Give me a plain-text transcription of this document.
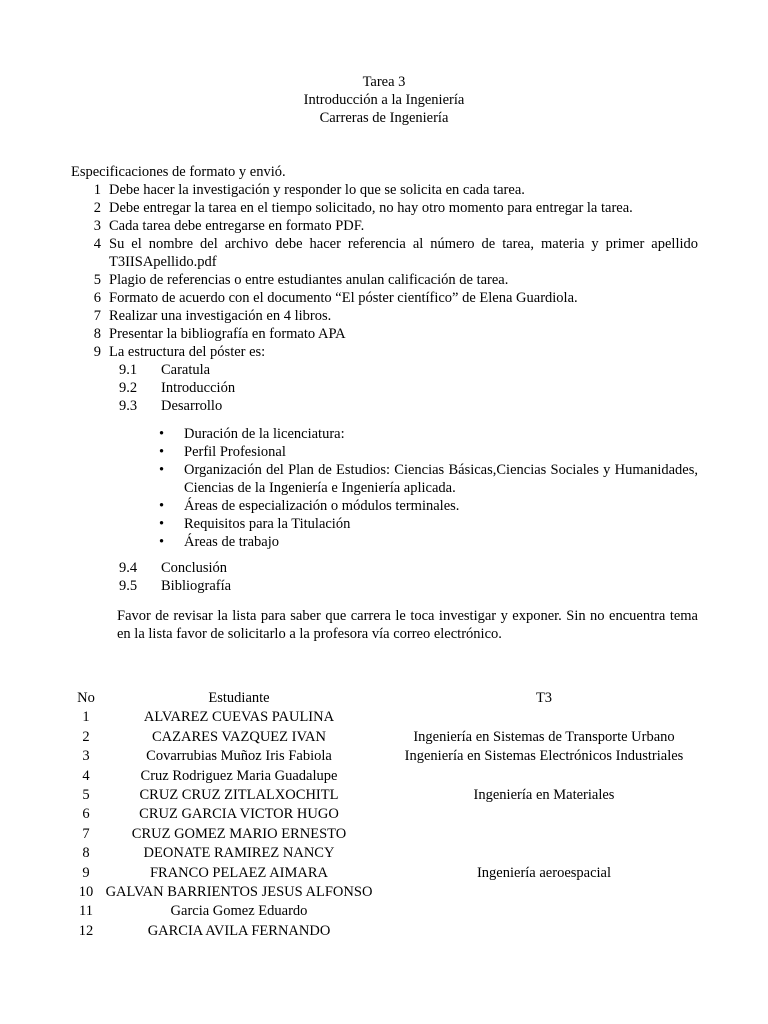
Tarea 3
Introducción a la Ingeniería
Carreras de Ingeniería
Especificaciones de formato y envió.
1 Debe hacer la investigación y responder lo que se solicita en cada tarea.
2 Debe entregar la tarea en el tiempo solicitado, no hay otro momento para entregar la tarea.
3 Cada tarea debe entregarse en formato PDF.
4 Su el nombre del archivo debe hacer referencia al número de tarea, materia y primer apellido T3IISApellido.pdf
5 Plagio de referencias o entre estudiantes anulan calificación de tarea.
6 Formato de acuerdo con el documento “El póster científico” de Elena Guardiola.
7 Realizar una investigación en 4 libros.
8 Presentar la bibliografía en formato APA
9 La estructura del póster es:
9.1	Caratula
9.2	Introducción
9.3	Desarrollo
•	Duración de la licenciatura:
•	Perfil Profesional
•	Organización del Plan de Estudios: Ciencias Básicas,Ciencias Sociales y Humanidades, Ciencias de la Ingeniería e Ingeniería aplicada.
•	Áreas de especialización o módulos terminales.
•	Requisitos para la Titulación
•	Áreas de trabajo
9.4	Conclusión
9.5	Bibliografía
Favor de revisar la lista para saber que carrera le toca investigar y exponer. Sin no encuentra tema en la lista favor de solicitarlo a la profesora vía correo electrónico.
No	Estudiante	T3
1	ALVAREZ CUEVAS PAULINA
2	CAZARES VAZQUEZ IVAN	Ingeniería en Sistemas de Transporte Urbano
3	Covarrubias Muñoz Iris Fabiola	Ingeniería en Sistemas Electrónicos Industriales
4	Cruz Rodriguez Maria Guadalupe
5	CRUZ CRUZ ZITLALXOCHITL	Ingeniería en Materiales
6	CRUZ GARCIA VICTOR HUGO
7	CRUZ GOMEZ MARIO ERNESTO
8	DEONATE RAMIREZ NANCY
9	FRANCO PELAEZ AIMARA	Ingeniería aeroespacial
10 GALVAN BARRIENTOS JESUS ALFONSO
11	Garcia Gomez Eduardo
12	GARCIA AVILA FERNANDO
